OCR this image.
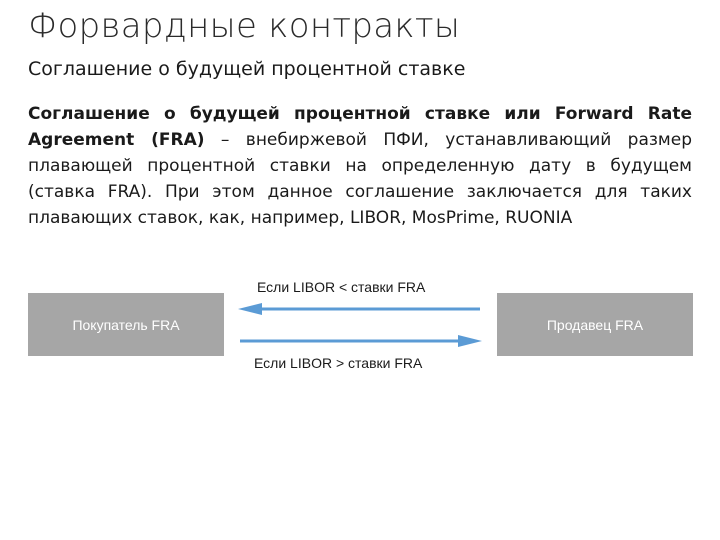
Форвардные контракты
Соглашение о будущей процентной ставке
Соглашение о будущей процентной ставке или Forward Rate Agreement (FRA) – внебиржевой ПФИ, устанавливающий размер плавающей процентной ставки на определенную дату в будущем (ставка FRA). При этом данное соглашение заключается для таких плавающих ставок, как, например, LIBOR, MosPrime, RUONIA
Если LIBOR < ставки FRA
Покупатель FRA	Продавец FRA
Если LIBOR > ставки FRA
